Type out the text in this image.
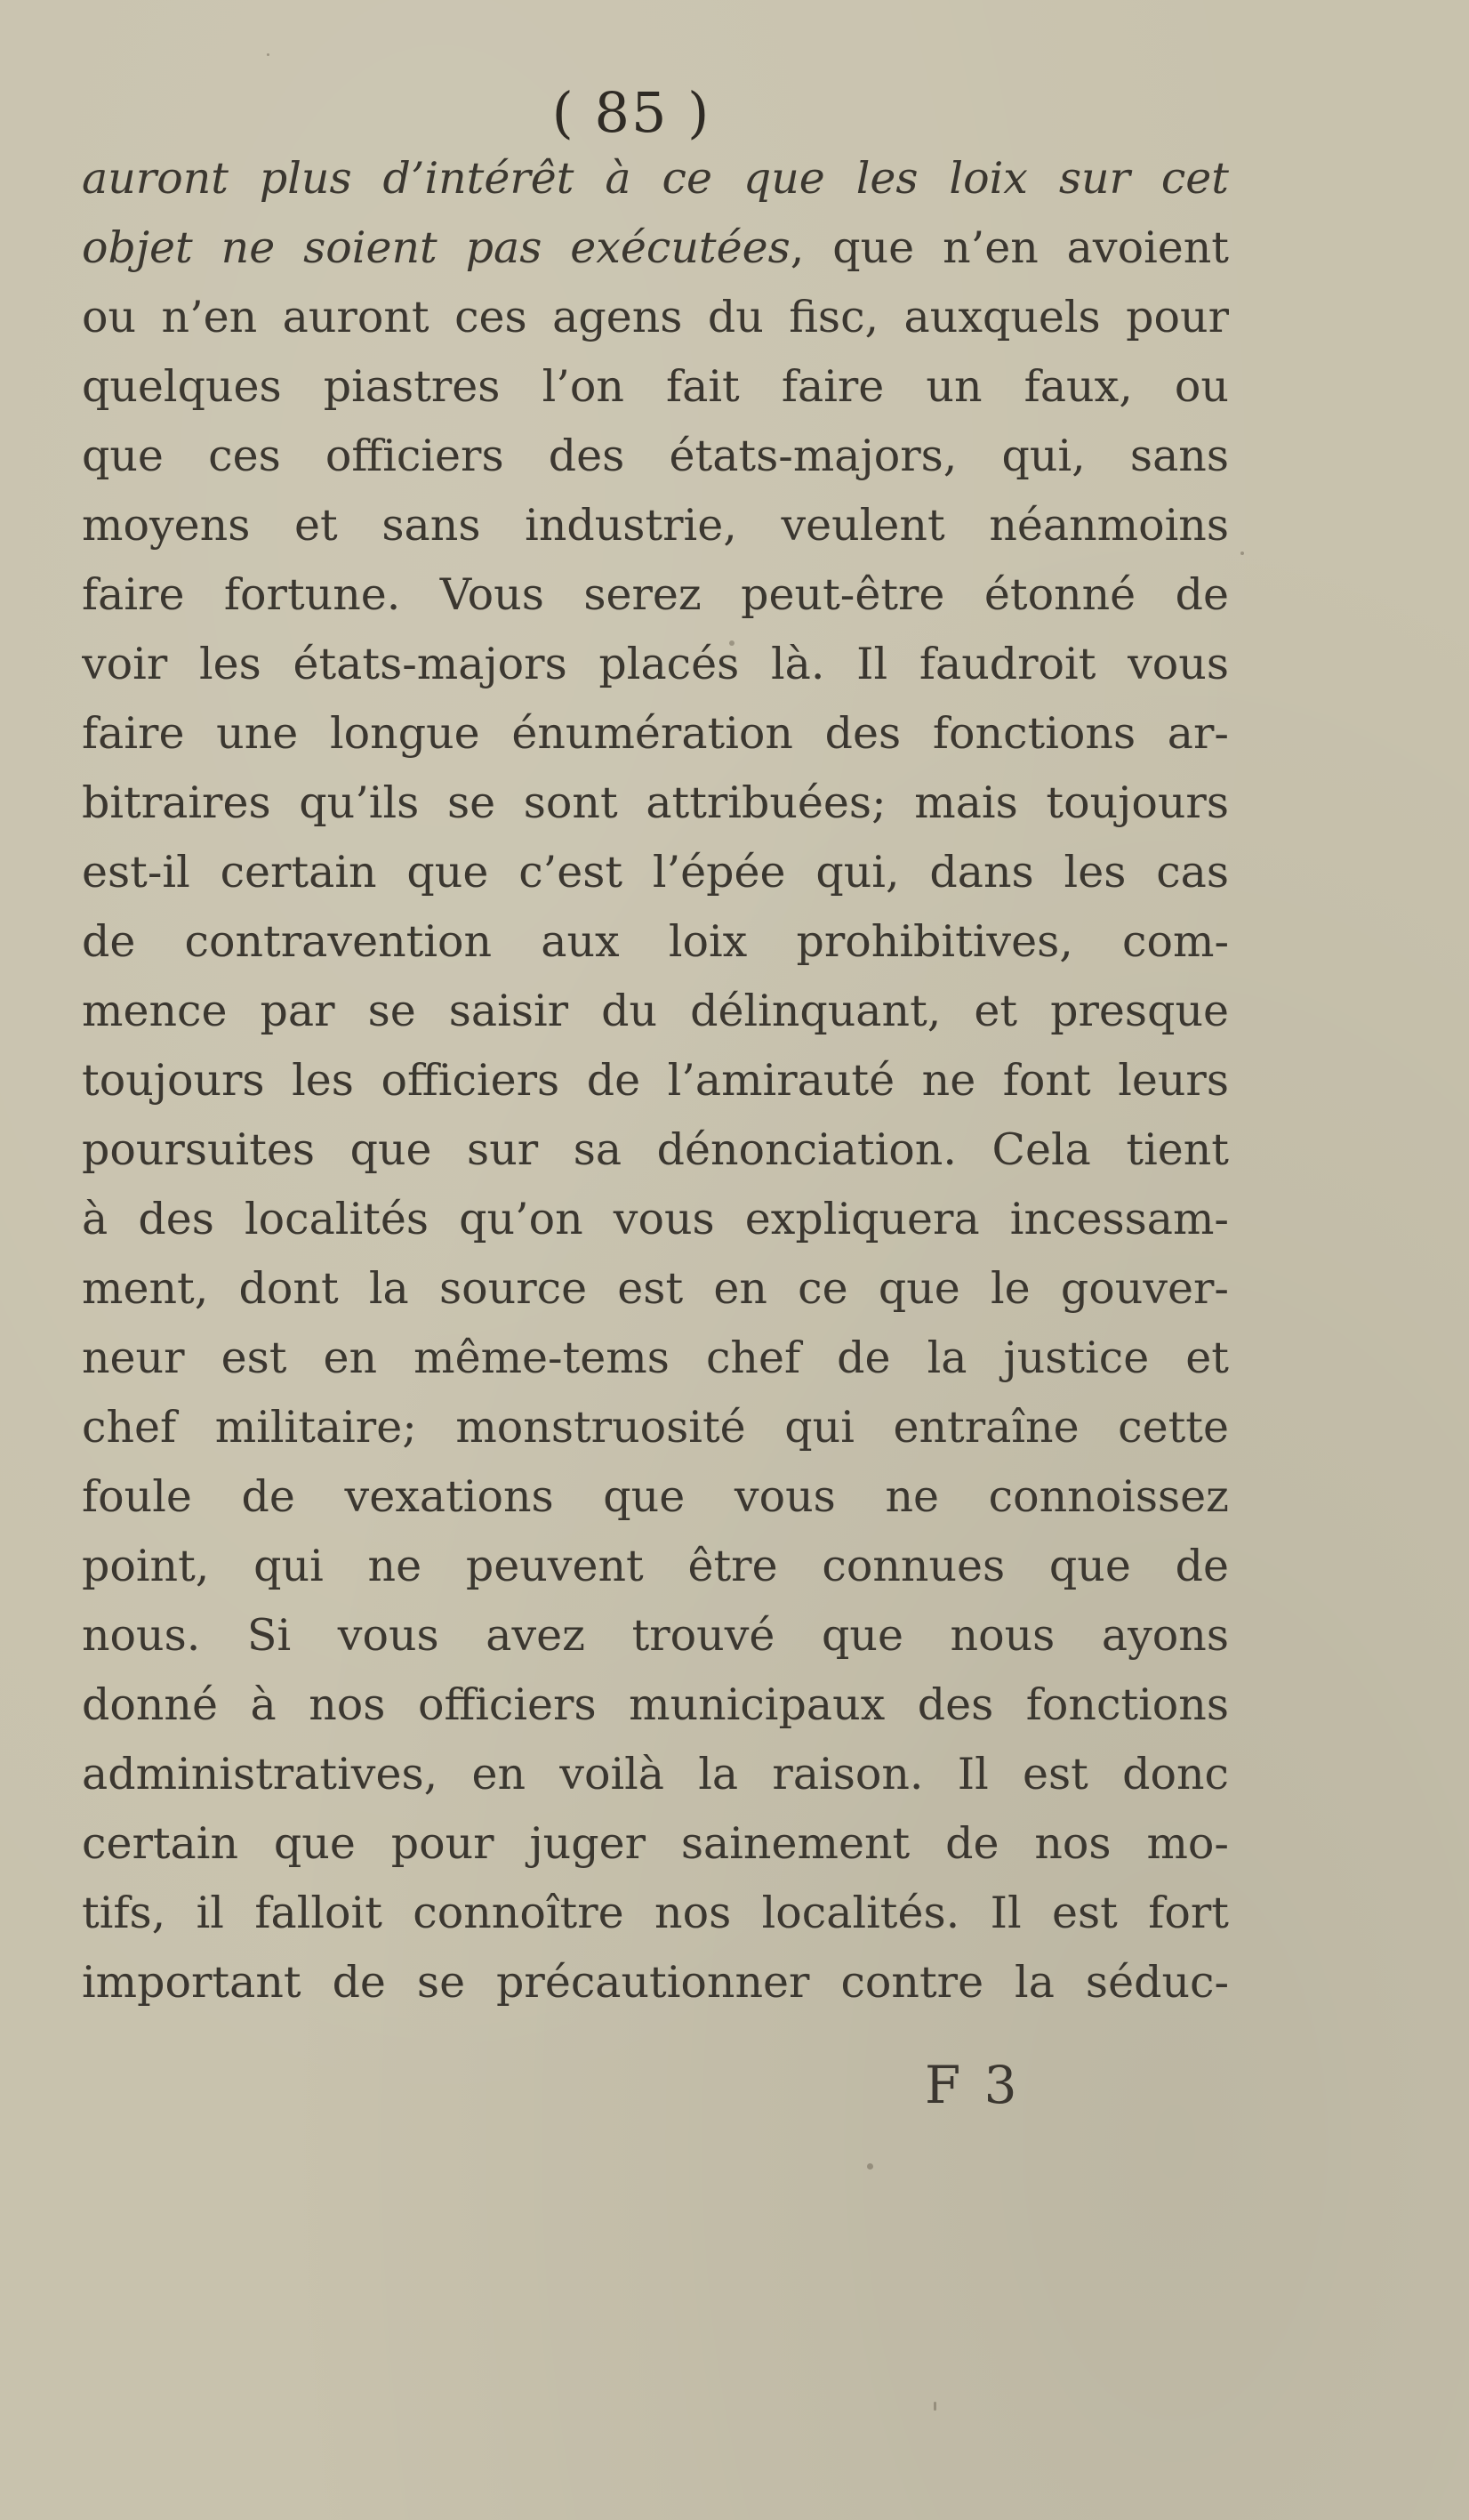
( 85 )
auront plus d’intérêt à ce que les loix sur cet
objet ne soient pas exécutées, que n’en avoient
ou n’en auront ces agens du fisc, auxquels pour
quelques piastres l’on fait faire un faux, ou
que ces officiers des états-majors, qui, sans
moyens et sans industrie, veulent néanmoins
faire fortune. Vous serez peut-être étonné de
voir les états-majors placés là. Il faudroit vous
faire une longue énumération des fonctions ar-
bitraires qu’ils se sont attribuées; mais toujours
est-il certain que c’est l’épée qui, dans les cas
de contravention aux loix prohibitives, com-
mence par se saisir du délinquant, et presque
toujours les officiers de l’amirauté ne font leurs
poursuites que sur sa dénonciation. Cela tient
à des localités qu’on vous expliquera incessam-
ment, dont la source est en ce que le gouver-
neur est en même-tems chef de la justice et
chef militaire; monstruosité qui entraîne cette
foule de vexations que vous ne connoissez
point, qui ne peuvent être connues que de
nous. Si vous avez trouvé que nous ayons
donné à nos officiers municipaux des fonctions
administratives, en voilà la raison. Il est donc
certain que pour juger sainement de nos mo-
tifs, il falloit connoître nos localités. Il est fort
important de se précautionner contre la séduc-
F 3
